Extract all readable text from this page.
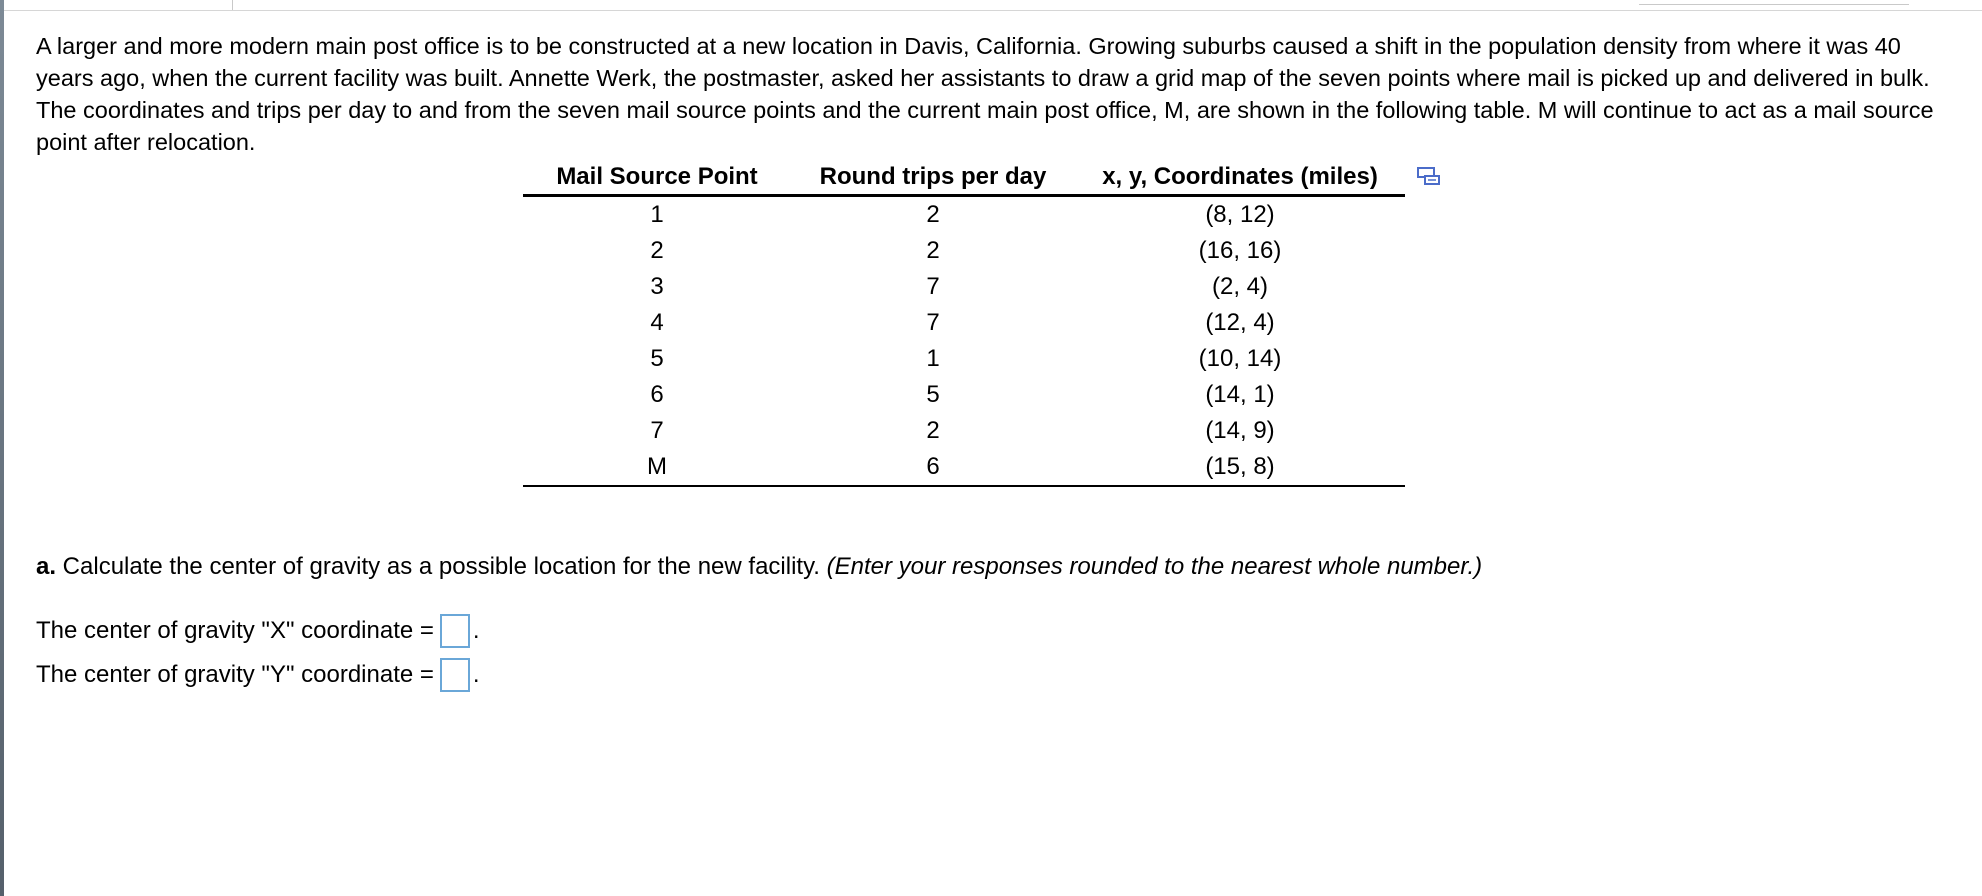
A larger and more modern main post office is to be constructed at a new location in Davis, California. Growing suburbs caused a shift in the population density from where it was 40 years ago, when the current facility was built. Annette Werk, the postmaster, asked her assistants to draw a grid map of the seven points where mail is picked up and delivered in bulk. The coordinates and trips per day to and from the seven mail source points and the current main post office, M, are shown in the following table. M will continue to act as a mail source point after relocation.

Mail Source Point	Round trips per day	x, y, Coordinates (miles)
1	2	(8, 12)
2	2	(16, 16)
3	7	(2, 4)
4	7	(12, 4)
5	1	(10, 14)
6	5	(14, 1)
7	2	(14, 9)
M	6	(15, 8)
a. Calculate the center of gravity as a possible location for the new facility. (Enter your responses rounded to the nearest whole number.)
The center of gravity "X" coordinate = .
The center of gravity "Y" coordinate = .
